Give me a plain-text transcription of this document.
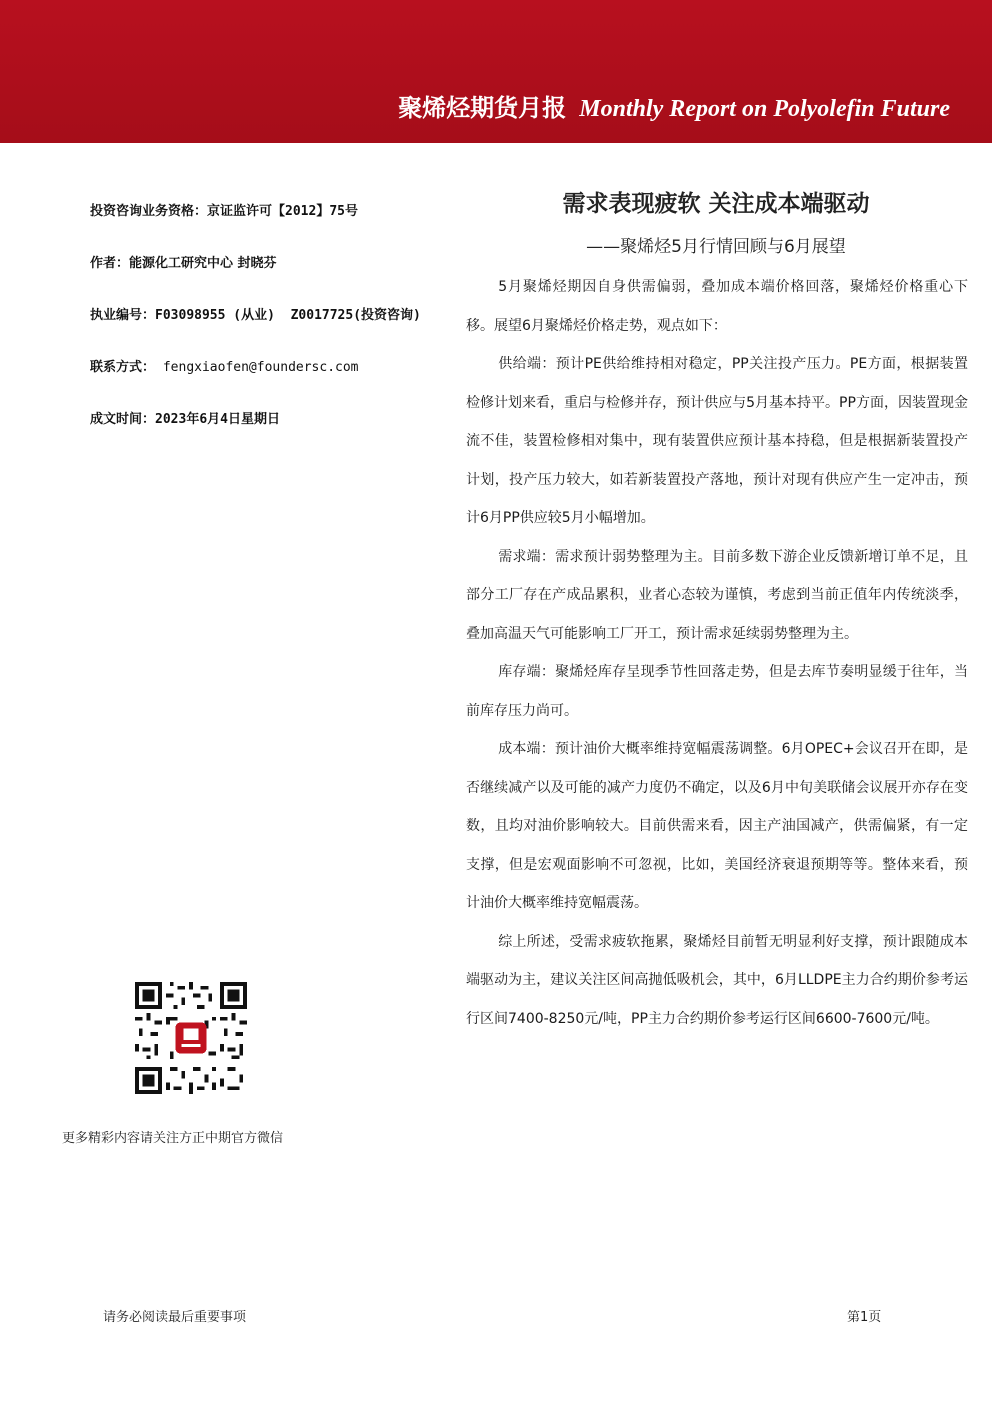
聚烯烃期货月报 Monthly Report on Polyolefin Future
投资咨询业务资格：京证监许可【2012】75号
作者：能源化工研究中心 封晓芬
执业编号：F03098955 (从业)  Z0017725(投资咨询)
联系方式： fengxiaofen@foundersc.com
成文时间：2023年6月4日星期日
更多精彩内容请关注方正中期官方微信
需求表现疲软 关注成本端驱动
——聚烯烃5月行情回顾与6月展望

5月聚烯烃期因自身供需偏弱，叠加成本端价格回落，聚烯烃价格重心下移。展望6月聚烯烃价格走势，观点如下：

供给端：预计PE供给维持相对稳定，PP关注投产压力。PE方面，根据装置检修计划来看，重启与检修并存，预计供应与5月基本持平。PP方面，因装置现金流不佳，装置检修相对集中，现有装置供应预计基本持稳，但是根据新装置投产计划，投产压力较大，如若新装置投产落地，预计对现有供应产生一定冲击，预计6月PP供应较5月小幅增加。

需求端：需求预计弱势整理为主。目前多数下游企业反馈新增订单不足，且部分工厂存在产成品累积，业者心态较为谨慎，考虑到当前正值年内传统淡季，叠加高温天气可能影响工厂开工，预计需求延续弱势整理为主。

库存端：聚烯烃库存呈现季节性回落走势，但是去库节奏明显缓于往年，当前库存压力尚可。

成本端：预计油价大概率维持宽幅震荡调整。6月OPEC+会议召开在即，是否继续减产以及可能的减产力度仍不确定，以及6月中旬美联储会议展开亦存在变数，且均对油价影响较大。目前供需来看，因主产油国减产，供需偏紧，有一定支撑，但是宏观面影响不可忽视，比如，美国经济衰退预期等等。整体来看，预计油价大概率维持宽幅震荡。

综上所述，受需求疲软拖累，聚烯烃目前暂无明显利好支撑，预计跟随成本端驱动为主，建议关注区间高抛低吸机会，其中，6月LLDPE主力合约期价参考运行区间7400-8250元/吨，PP主力合约期价参考运行区间6600-7600元/吨。

请务必阅读最后重要事项	第1页
